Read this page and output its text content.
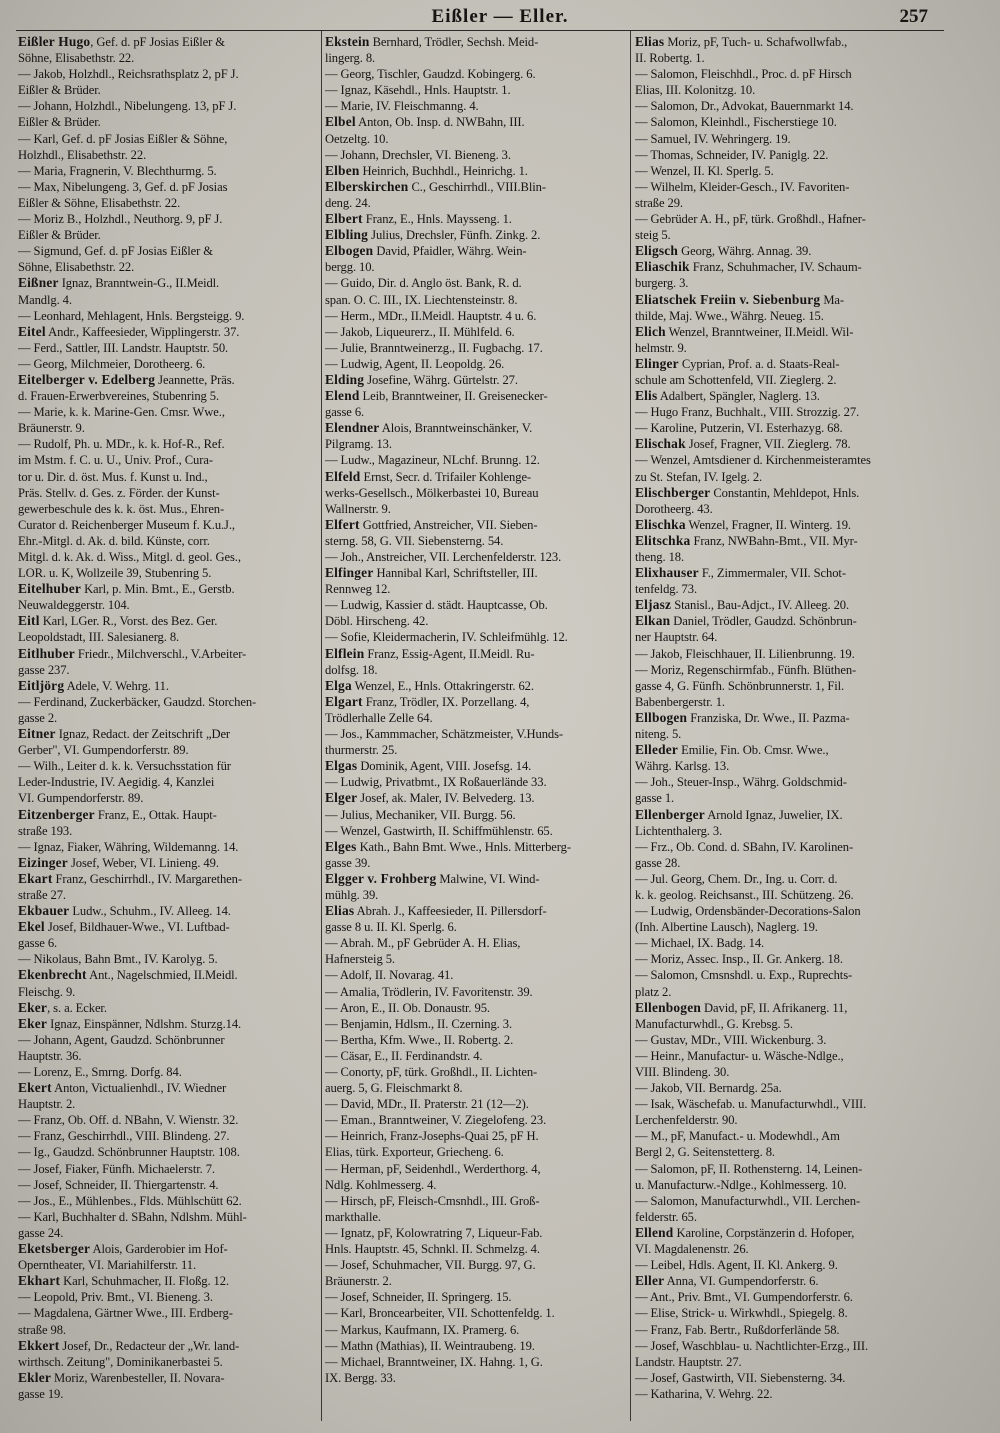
Eißler — Eller.	257
Eißler Hugo, Gef. d. pF Josias Eißler &
Söhne, Elisabethstr. 22.
— Jakob, Holzhdl., Reichsrathsplatz 2, pF J.
Eißler & Brüder.
— Johann, Holzhdl., Nibelungeng. 13, pF J.
Eißler & Brüder.
— Karl, Gef. d. pF Josias Eißler & Söhne,
Holzhdl., Elisabethstr. 22.
— Maria, Fragnerin, V. Blechthurmg. 5.
— Max, Nibelungeng. 3, Gef. d. pF Josias
Eißler & Söhne, Elisabethstr. 22.
— Moriz B., Holzhdl., Neuthorg. 9, pF J.
Eißler & Brüder.
— Sigmund, Gef. d. pF Josias Eißler &
Söhne, Elisabethstr. 22.
Eißner Ignaz, Branntwein-G., II.Meidl.
Mandlg. 4.
— Leonhard, Mehlagent, Hnls. Bergsteigg. 9.
Eitel Andr., Kaffeesieder, Wipplingerstr. 37.
— Ferd., Sattler, III. Landstr. Hauptstr. 50.
— Georg, Milchmeier, Dorotheerg. 6.
Eitelberger v. Edelberg Jeannette, Präs.
d. Frauen-Erwerbvereines, Stubenring 5.
— Marie, k. k. Marine-Gen. Cmsr. Wwe.,
Bräunerstr. 9.
— Rudolf, Ph. u. MDr., k. k. Hof-R., Ref.
im Mstm. f. C. u. U., Univ. Prof., Cura-
tor u. Dir. d. öst. Mus. f. Kunst u. Ind.,
Präs. Stellv. d. Ges. z. Förder. der Kunst-
gewerbeschule des k. k. öst. Mus., Ehren-
Curator d. Reichenberger Museum f. K.u.J.,
Ehr.-Mitgl. d. Ak. d. bild. Künste, corr.
Mitgl. d. k. Ak. d. Wiss., Mitgl. d. geol. Ges.,
LOR. u. K, Wollzeile 39, Stubenring 5.
Eitelhuber Karl, p. Min. Bmt., E., Gerstb.
Neuwaldeggerstr. 104.
Eitl Karl, LGer. R., Vorst. des Bez. Ger.
Leopoldstadt, III. Salesianerg. 8.
Eitlhuber Friedr., Milchverschl., V.Arbeiter-
gasse 237.
Eitljörg Adele, V. Wehrg. 11.
— Ferdinand, Zuckerbäcker, Gaudzd. Storchen-
gasse 2.
Eitner Ignaz, Redact. der Zeitschrift „Der
Gerber", VI. Gumpendorferstr. 89.
— Wilh., Leiter d. k. k. Versuchsstation für
Leder-Industrie, IV. Aegidig. 4, Kanzlei
VI. Gumpendorferstr. 89.
Eitzenberger Franz, E., Ottak. Haupt-
straße 193.
— Ignaz, Fiaker, Währing, Wildemanng. 14.
Eizinger Josef, Weber, VI. Linieng. 49.
Ekart Franz, Geschirrhdl., IV. Margarethen-
straße 27.
Ekbauer Ludw., Schuhm., IV. Alleeg. 14.
Ekel Josef, Bildhauer-Wwe., VI. Luftbad-
gasse 6.
— Nikolaus, Bahn Bmt., IV. Karolyg. 5.
Ekenbrecht Ant., Nagelschmied, II.Meidl.
Fleischg. 9.
Eker, s. a. Ecker.
Eker Ignaz, Einspänner, Ndlshm. Sturzg.14.
— Johann, Agent, Gaudzd. Schönbrunner
Hauptstr. 36.
— Lorenz, E., Smrng. Dorfg. 84.
Ekert Anton, Victualienhdl., IV. Wiedner
Hauptstr. 2.
— Franz, Ob. Off. d. NBahn, V. Wienstr. 32.
— Franz, Geschirrhdl., VIII. Blindeng. 27.
— Ig., Gaudzd. Schönbrunner Hauptstr. 108.
— Josef, Fiaker, Fünfh. Michaelerstr. 7.
— Josef, Schneider, II. Thiergartenstr. 4.
— Jos., E., Mühlenbes., Flds. Mühlschütt 62.
— Karl, Buchhalter d. SBahn, Ndlshm. Mühl-
gasse 24.
Eketsberger Alois, Garderobier im Hof-
Operntheater, VI. Mariahilferstr. 11.
Ekhart Karl, Schuhmacher, II. Floßg. 12.
— Leopold, Priv. Bmt., VI. Bieneng. 3.
— Magdalena, Gärtner Wwe., III. Erdberg-
straße 98.
Ekkert Josef, Dr., Redacteur der „Wr. land-
wirthsch. Zeitung", Dominikanerbastei 5.
Ekler Moriz, Warenbesteller, II. Novara-
gasse 19.
Ekstein Bernhard, Trödler, Sechsh. Meid-
lingerg. 8.
— Georg, Tischler, Gaudzd. Kobingerg. 6.
— Ignaz, Käsehdl., Hnls. Hauptstr. 1.
— Marie, IV. Fleischmanng. 4.
Elbel Anton, Ob. Insp. d. NWBahn, III.
Oetzeltg. 10.
— Johann, Drechsler, VI. Bieneng. 3.
Elben Heinrich, Buchhdl., Heinrichg. 1.
Elberskirchen C., Geschirrhdl., VIII.Blin-
deng. 24.
Elbert Franz, E., Hnls. Maysseng. 1.
Elbling Julius, Drechsler, Fünfh. Zinkg. 2.
Elbogen David, Pfaidler, Währg. Wein-
bergg. 10.
— Guido, Dir. d. Anglo öst. Bank, R. d.
span. O. C. III., IX. Liechtensteinstr. 8.
— Herm., MDr., II.Meidl. Hauptstr. 4 u. 6.
— Jakob, Liqueurerz., II. Mühlfeld. 6.
— Julie, Branntweinerzg., II. Fugbachg. 17.
— Ludwig, Agent, II. Leopoldg. 26.
Elding Josefine, Währg. Gürtelstr. 27.
Elend Leib, Branntweiner, II. Greisenecker-
gasse 6.
Elendner Alois, Branntweinschänker, V.
Pilgramg. 13.
— Ludw., Magazineur, NLchf. Brunng. 12.
Elfeld Ernst, Secr. d. Trifailer Kohlenge-
werks-Gesellsch., Mölkerbastei 10, Bureau
Wallnerstr. 9.
Elfert Gottfried, Anstreicher, VII. Sieben-
sterng. 58, G. VII. Siebensterng. 54.
— Joh., Anstreicher, VII. Lerchenfelderstr. 123.
Elfinger Hannibal Karl, Schriftsteller, III.
Rennweg 12.
— Ludwig, Kassier d. städt. Hauptcasse, Ob.
Döbl. Hirscheng. 42.
— Sofie, Kleidermacherin, IV. Schleifmühlg. 12.
Elflein Franz, Essig-Agent, II.Meidl. Ru-
dolfsg. 18.
Elga Wenzel, E., Hnls. Ottakringerstr. 62.
Elgart Franz, Trödler, IX. Porzellang. 4,
Trödlerhalle Zelle 64.
— Jos., Kammmacher, Schätzmeister, V.Hunds-
thurmerstr. 25.
Elgas Dominik, Agent, VIII. Josefsg. 14.
— Ludwig, Privatbmt., IX Roßauerlände 33.
Elger Josef, ak. Maler, IV. Belvederg. 13.
— Julius, Mechaniker, VII. Burgg. 56.
— Wenzel, Gastwirth, II. Schiffmühlenstr. 65.
Elges Kath., Bahn Bmt. Wwe., Hnls. Mitterberg-
gasse 39.
Elgger v. Frohberg Malwine, VI. Wind-
mühlg. 39.
Elias Abrah. J., Kaffeesieder, II. Pillersdorf-
gasse 8 u. II. Kl. Sperlg. 6.
— Abrah. M., pF Gebrüder A. H. Elias,
Hafnersteig 5.
— Adolf, II. Novarag. 41.
— Amalia, Trödlerin, IV. Favoritenstr. 39.
— Aron, E., II. Ob. Donaustr. 95.
— Benjamin, Hdlsm., II. Czerning. 3.
— Bertha, Kfm. Wwe., II. Robertg. 2.
— Cäsar, E., II. Ferdinandstr. 4.
— Conorty, pF, türk. Großhdl., II. Lichten-
auerg. 5, G. Fleischmarkt 8.
— David, MDr., II. Praterstr. 21 (12—2).
— Eman., Branntweiner, V. Ziegelofeng. 23.
— Heinrich, Franz-Josephs-Quai 25, pF H.
Elias, türk. Exporteur, Griecheng. 6.
— Herman, pF, Seidenhdl., Werderthorg. 4,
Ndlg. Kohlmesserg. 4.
— Hirsch, pF, Fleisch-Cmsnhdl., III. Groß-
markthalle.
— Ignatz, pF, Kolowratring 7, Liqueur-Fab.
Hnls. Hauptstr. 45, Schnkl. II. Schmelzg. 4.
— Josef, Schuhmacher, VII. Burgg. 97, G.
Bräunerstr. 2.
— Josef, Schneider, II. Springerg. 15.
— Karl, Broncearbeiter, VII. Schottenfeldg. 1.
— Markus, Kaufmann, IX. Pramerg. 6.
— Mathn (Mathias), II. Weintraubeng. 19.
— Michael, Branntweiner, IX. Hahng. 1, G.
IX. Bergg. 33.
Elias Moriz, pF, Tuch- u. Schafwollwfab.,
II. Robertg. 1.
— Salomon, Fleischhdl., Proc. d. pF Hirsch
Elias, III. Kolonitzg. 10.
— Salomon, Dr., Advokat, Bauernmarkt 14.
— Salomon, Kleinhdl., Fischerstiege 10.
— Samuel, IV. Wehringerg. 19.
— Thomas, Schneider, IV. Paniglg. 22.
— Wenzel, II. Kl. Sperlg. 5.
— Wilhelm, Kleider-Gesch., IV. Favoriten-
straße 29.
— Gebrüder A. H., pF, türk. Großhdl., Hafner-
steig 5.
Eligsch Georg, Währg. Annag. 39.
Eliaschik Franz, Schuhmacher, IV. Schaum-
burgerg. 3.
Eliatschek Freiin v. Siebenburg Ma-
thilde, Maj. Wwe., Währg. Neueg. 15.
Elich Wenzel, Branntweiner, II.Meidl. Wil-
helmstr. 9.
Elinger Cyprian, Prof. a. d. Staats-Real-
schule am Schottenfeld, VII. Zieglerg. 2.
Elis Adalbert, Spängler, Naglerg. 13.
— Hugo Franz, Buchhalt., VIII. Strozzig. 27.
— Karoline, Putzerin, VI. Esterhazyg. 68.
Elischak Josef, Fragner, VII. Zieglerg. 78.
— Wenzel, Amtsdiener d. Kirchenmeisteramtes
zu St. Stefan, IV. Igelg. 2.
Elischberger Constantin, Mehldepot, Hnls.
Dorotheerg. 43.
Elischka Wenzel, Fragner, II. Winterg. 19.
Elitschka Franz, NWBahn-Bmt., VII. Myr-
theng. 18.
Elixhauser F., Zimmermaler, VII. Schot-
tenfeldg. 73.
Eljasz Stanisl., Bau-Adjct., IV. Alleeg. 20.
Elkan Daniel, Trödler, Gaudzd. Schönbrun-
ner Hauptstr. 64.
— Jakob, Fleischhauer, II. Lilienbrunng. 19.
— Moriz, Regenschirmfab., Fünfh. Blüthen-
gasse 4, G. Fünfh. Schönbrunnerstr. 1, Fil.
Babenbergerstr. 1.
Ellbogen Franziska, Dr. Wwe., II. Pazma-
niteng. 5.
Elleder Emilie, Fin. Ob. Cmsr. Wwe.,
Währg. Karlsg. 13.
— Joh., Steuer-Insp., Währg. Goldschmid-
gasse 1.
Ellenberger Arnold Ignaz, Juwelier, IX.
Lichtenthalerg. 3.
— Frz., Ob. Cond. d. SBahn, IV. Karolinen-
gasse 28.
— Jul. Georg, Chem. Dr., Ing. u. Corr. d.
k. k. geolog. Reichsanst., III. Schützeng. 26.
— Ludwig, Ordensbänder-Decorations-Salon
(Inh. Albertine Lausch), Naglerg. 19.
— Michael, IX. Badg. 14.
— Moriz, Assec. Insp., II. Gr. Ankerg. 18.
— Salomon, Cmsnshdl. u. Exp., Ruprechts-
platz 2.
Ellenbogen David, pF, II. Afrikanerg. 11,
Manufacturwhdl., G. Krebsg. 5.
— Gustav, MDr., VIII. Wickenburg. 3.
— Heinr., Manufactur- u. Wäsche-Ndlge.,
VIII. Blindeng. 30.
— Jakob, VII. Bernardg. 25a.
— Isak, Wäschefab. u. Manufacturwhdl., VIII.
Lerchenfelderstr. 90.
— M., pF, Manufact.- u. Modewhdl., Am
Bergl 2, G. Seitenstetterg. 8.
— Salomon, pF, II. Rothensterng. 14, Leinen-
u. Manufacturw.-Ndlge., Kohlmesserg. 10.
— Salomon, Manufacturwhdl., VII. Lerchen-
felderstr. 65.
Ellend Karoline, Corpstänzerin d. Hofoper,
VI. Magdalenenstr. 26.
— Leibel, Hdls. Agent, II. Kl. Ankerg. 9.
Eller Anna, VI. Gumpendorferstr. 6.
— Ant., Priv. Bmt., VI. Gumpendorferstr. 6.
— Elise, Strick- u. Wirkwhdl., Spiegelg. 8.
— Franz, Fab. Bertr., Rußdorferlände 58.
— Josef, Waschblau- u. Nachtlichter-Erzg., III.
Landstr. Hauptstr. 27.
— Josef, Gastwirth, VII. Siebensterng. 34.
— Katharina, V. Wehrg. 22.
